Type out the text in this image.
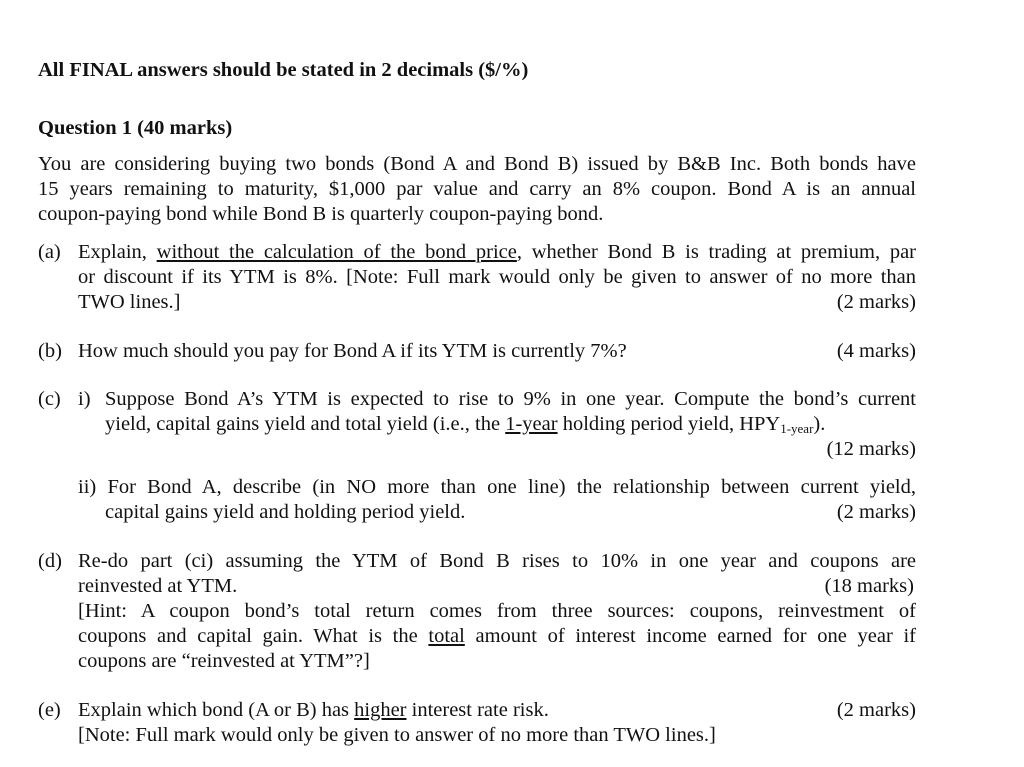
All FINAL answers should be stated in 2 decimals ($/%)
Question 1 (40 marks)
You are considering buying two bonds (Bond A and Bond B) issued by B&B Inc. Both bonds have
15 years remaining to maturity, $1,000 par value and carry an 8% coupon. Bond A is an annual
coupon-paying bond while Bond B is quarterly coupon-paying bond.
(a) Explain, without the calculation of the bond price, whether Bond B is trading at premium, par
or discount if its YTM is 8%. [Note: Full mark would only be given to answer of no more than
TWO lines.]	(2 marks)
(b) How much should you pay for Bond A if its YTM is currently 7%?	(4 marks)
(c) i) Suppose Bond A’s YTM is expected to rise to 9% in one year. Compute the bond’s current
yield, capital gains yield and total yield (i.e., the 1-year holding period yield, $HPY_{1-year}$).
(12 marks)
ii) For Bond A, describe (in NO more than one line) the relationship between current yield,
capital gains yield and holding period yield.	(2 marks)
(d) Re-do part (ci) assuming the YTM of Bond B rises to 10% in one year and coupons are
reinvested at YTM.	(18 marks)
[Hint: A coupon bond’s total return comes from three sources: coupons, reinvestment of
coupons and capital gain. What is the total amount of interest income earned for one year if
coupons are “reinvested at YTM”?]
(e) Explain which bond (A or B) has higher interest rate risk.	(2 marks)
[Note: Full mark would only be given to answer of no more than TWO lines.]
